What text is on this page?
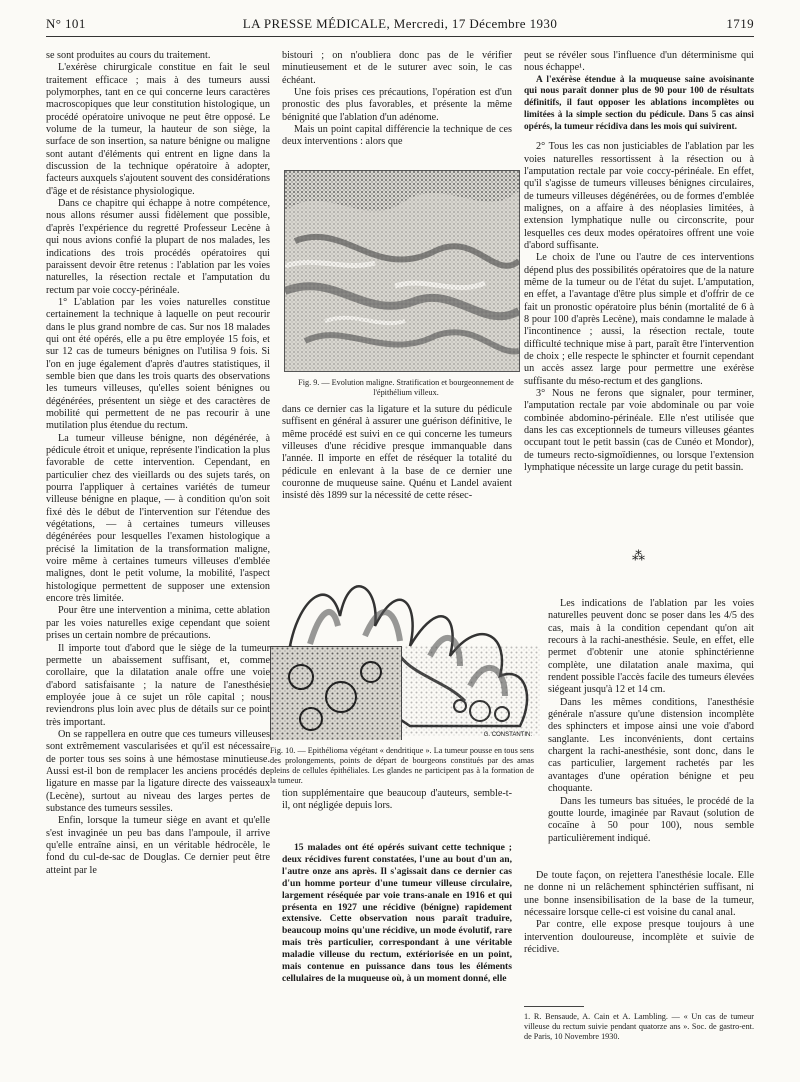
N° 101	LA PRESSE MÉDICALE, Mercredi, 17 Décembre 1930	1719

se sont produites au cours du traitement.

L'exérèse chirurgicale constitue en fait le seul traitement efficace ; mais à des tumeurs aussi polymorphes, tant en ce qui concerne leurs caractères macroscopiques que leur constitution histologique, un procédé opératoire univoque ne peut être opposé. Le volume de la tumeur, la hauteur de son siège, la surface de son insertion, sa nature bénigne ou maligne sont autant d'éléments qui entrent en ligne dans la discussion de la technique opératoire à adopter, facteurs auxquels s'ajoutent souvent des considérations d'âge et de résistance physiologique.

Dans ce chapitre qui échappe à notre compétence, nous allons résumer aussi fidèlement que possible, d'après l'expérience du regretté Professeur Lecène à qui nous avions confié la plupart de nos malades, les indications des trois procédés opératoires qui paraissent devoir être retenus : l'ablation par les voies naturelles, la résection rectale et l'amputation du rectum par voie coccy-périnéale.

1° L'ablation par les voies naturelles constitue certainement la technique à laquelle on peut recourir dans le plus grand nombre de cas. Sur nos 18 malades qui ont été opérés, elle a pu être employée 15 fois, et sur 12 cas de tumeurs bénignes on l'utilisa 9 fois. Si l'on en juge également d'après d'autres statistiques, il semble bien que dans les trois quarts des observations les tumeurs villeuses, qu'elles soient bénignes ou dégénérées, présentent un siège et des caractères de mobilité qui permettent de ne pas recourir à une mutilation plus étendue du rectum.

La tumeur villeuse bénigne, non dégénérée, à pédicule étroit et unique, représente l'indication la plus favorable de cette intervention. Cependant, en particulier chez des vieillards ou des sujets tarés, on pourra l'appliquer à certaines variétés de tumeur villeuse bénigne en plaque, — à condition qu'on soit fixé dès le début de l'intervention sur l'étendue des végétations, — à certaines tumeurs villeuses dégénérées pour lesquelles l'examen histologique a précisé la limitation de la transformation maligne, voire même à certaines tumeurs villeuses d'emblée malignes, dont le petit volume, la mobilité, l'aspect histologique permettent de supposer une extension encore très limitée.

Pour être une intervention a minima, cette ablation par les voies naturelles exige cependant que soient prises un certain nombre de précautions.

Il importe tout d'abord que le siège de la tumeur permette un abaissement suffisant, et, comme corollaire, que la dilatation anale offre une voie d'abord satisfaisante ; la nature de l'anesthésie employée joue à ce sujet un rôle capital ; nous reviendrons plus loin avec plus de détails sur ce point très important.

On se rappellera en outre que ces tumeurs villeuses sont extrêmement vascularisées et qu'il est nécessaire de porter tous ses soins à une hémostase minutieuse. Aussi est-il bon de remplacer les anciens procédés de ligature en masse par la ligature directe des vaisseaux (Lecène), surtout au niveau des larges pertes de substance des tumeurs sessiles.

Enfin, lorsque la tumeur siège en avant et qu'elle s'est invaginée un peu bas dans l'ampoule, il arrive qu'elle entraîne ainsi, en un véritable hédrocèle, le fond du cul-de-sac de Douglas. Ce dernier peut être atteint par le

bistouri ; on n'oubliera donc pas de le vérifier minutieusement et de le suturer avec soin, le cas échéant.

Une fois prises ces précautions, l'opération est d'un pronostic des plus favorables, et présente la même bénignité que l'ablation d'un adénome.

Mais un point capital différencie la technique de ces deux interventions : alors que

Fig. 9. — Evolution maligne. Stratification et bourgeonnement de l'épithélium villeux.

dans ce dernier cas la ligature et la suture du pédicule suffisent en général à assurer une guérison définitive, le même procédé est suivi en ce qui concerne les tumeurs villeuses d'une récidive presque immanquable dans l'année. Il importe en effet de réséquer la totalité du pédicule en enlevant à la base de ce dernier une couronne de muqueuse saine. Quénu et Landel avaient insisté dès 1899 sur la nécessité de cette résec-

G. CONSTANTIN.
Fig. 10. — Epithélioma végétant « dendritique ». La tumeur pousse en tous sens des prolongements, points de départ de bourgeons constitués par des amas pleins de cellules épithéliales. Les glandes ne participent pas à la formation de la tumeur.

tion supplémentaire que beaucoup d'auteurs, semble-t-il, ont négligée depuis lors.

15 malades ont été opérés suivant cette technique ; deux récidives furent constatées, l'une au bout d'un an, l'autre onze ans après. Il s'agissait dans ce dernier cas d'un homme porteur d'une tumeur villeuse circulaire, largement réséquée par voie trans-anale en 1916 et qui présenta en 1927 une récidive (bénigne) rapidement extensive. Cette observation nous paraît traduire, beaucoup moins qu'une récidive, un mode évolutif, rare mais très particulier, correspondant à une véritable maladie villeuse du rectum, extériorisée en un point, mais contenue en puissance dans tous les éléments cellulaires de la muqueuse où, à un moment donné, elle

peut se révéler sous l'influence d'un déterminisme qui nous échappe¹.

A l'exérèse étendue à la muqueuse saine avoisinante qui nous paraît donner plus de 90 pour 100 de résultats définitifs, il faut opposer les ablations incomplètes ou limitées à la simple section du pédicule. Dans 5 cas ainsi opérés, la tumeur récidiva dans les mois qui suivirent.

2° Tous les cas non justiciables de l'ablation par les voies naturelles ressortissent à la résection ou à l'amputation rectale par voie coccy-périnéale. En effet, qu'il s'agisse de tumeurs villeuses bénignes circulaires, de tumeurs villeuses dégénérées, ou de formes d'emblée malignes, on a affaire à des néoplasies limitées, à extension lymphatique nulle ou circonscrite, pour lesquelles ces deux modes opératoires offrent une voie d'abord suffisante.

Le choix de l'une ou l'autre de ces interventions dépend plus des possibilités opératoires que de la nature même de la tumeur ou de l'état du sujet. L'amputation, en effet, a l'avantage d'être plus simple et d'offrir de ce fait un pronostic opératoire plus bénin (mortalité de 6 à 8 pour 100 d'après Lecène), mais condamne le malade à l'incontinence ; aussi, la résection rectale, toute difficulté technique mise à part, paraît être l'intervention de choix ; elle respecte le sphincter et fournit cependant un accès assez large pour permettre une exérèse suffisante du méso-rectum et des ganglions.

3° Nous ne ferons que signaler, pour terminer, l'amputation rectale par voie abdominale ou par voie combinée abdomino-périnéale. Elle n'est utilisée que dans les cas exceptionnels de tumeurs villeuses géantes occupant tout le petit bassin (cas de Cunéo et Mondor), de tumeurs recto-sigmoïdiennes, ou lorsque l'extension lymphatique nécessite un large curage du petit bassin.

⁂

Les indications de l'ablation par les voies naturelles peuvent donc se poser dans les 4/5 des cas, mais à la condition cependant qu'on ait recours à la rachi-anesthésie. Seule, en effet, elle permet d'obtenir une atonie sphinctérienne complète, une dilatation anale maxima, qui rendent possible l'accès facile des tumeurs élevées siégeant jusqu'à 12 et 14 cm.

Dans les mêmes conditions, l'anesthésie générale n'assure qu'une distension incomplète des sphincters et impose ainsi une voie d'abord sanglante. Les inconvénients, dont certains chargent la rachi-anesthésie, sont donc, dans le cas particulier, largement rachetés par les avantages d'une opération bénigne et peu choquante.

Dans les tumeurs bas situées, le procédé de la goutte lourde, imaginée par Ravaut (solution de cocaïne à 50 pour 100), nous semble particulièrement indiqué.

De toute façon, on rejettera l'anesthésie locale. Elle ne donne ni un relâchement sphinctérien suffisant, ni une bonne insensibilisation de la base de la tumeur, nécessaire lorsque celle-ci est voisine du canal anal.

Par contre, elle expose presque toujours à une intervention douloureuse, incomplète et suivie de récidive.

1. R. Bensaude, A. Cain et A. Lambling. — « Un cas de tumeur villeuse du rectum suivie pendant quatorze ans ». Soc. de gastro-ent. de Paris, 10 Novembre 1930.
